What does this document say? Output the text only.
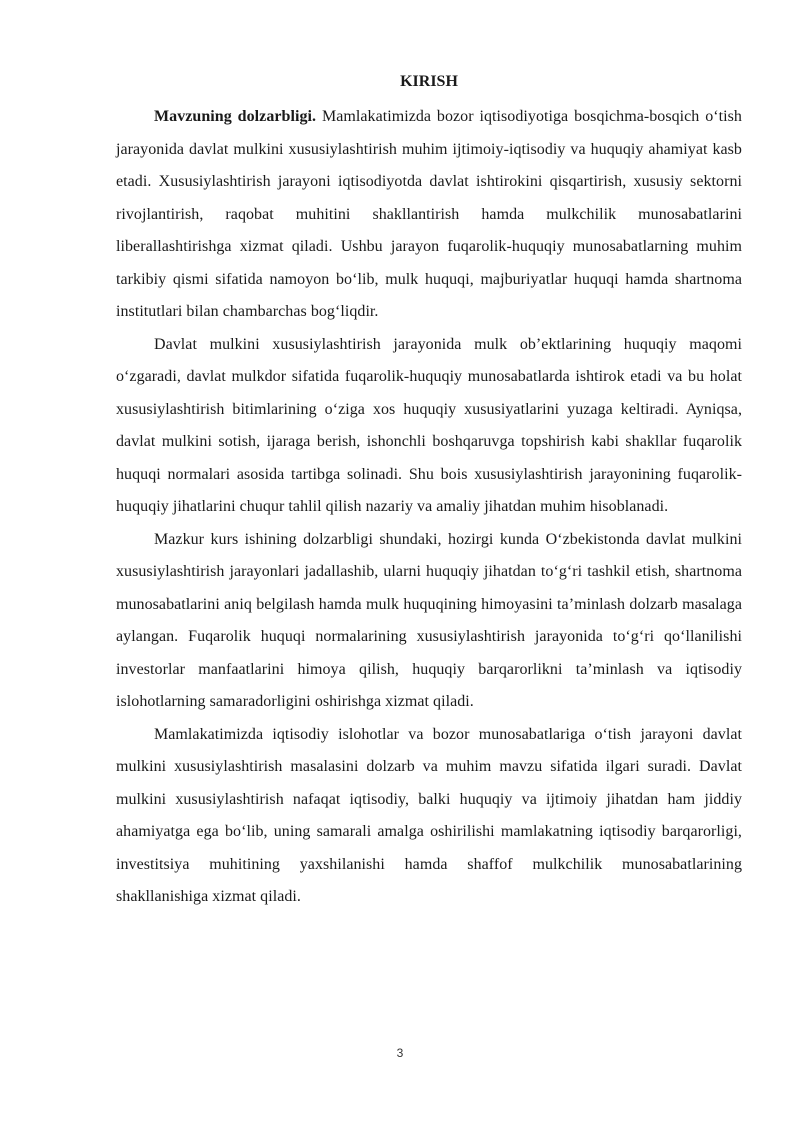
KIRISH

Mavzuning dolzarbligi. Mamlakatimizda bozor iqtisodiyotiga bosqichma-bosqich o‘tish jarayonida davlat mulkini xususiylashtirish muhim ijtimoiy-iqtisodiy va huquqiy ahamiyat kasb etadi. Xususiylashtirish jarayoni iqtisodiyotda davlat ishtirokini qisqartirish, xususiy sektorni rivojlantirish, raqobat muhitini shakllantirish hamda mulkchilik munosabatlarini liberallashtirishga xizmat qiladi. Ushbu jarayon fuqarolik-huquqiy munosabatlarning muhim tarkibiy qismi sifatida namoyon bo‘lib, mulk huquqi, majburiyatlar huquqi hamda shartnoma institutlari bilan chambarchas bog‘liqdir.

Davlat mulkini xususiylashtirish jarayonida mulk ob’ektlarining huquqiy maqomi o‘zgaradi, davlat mulkdor sifatida fuqarolik-huquqiy munosabatlarda ishtirok etadi va bu holat xususiylashtirish bitimlarining o‘ziga xos huquqiy xususiyatlarini yuzaga keltiradi. Ayniqsa, davlat mulkini sotish, ijaraga berish, ishonchli boshqaruvga topshirish kabi shakllar fuqarolik huquqi normalari asosida tartibga solinadi. Shu bois xususiylashtirish jarayonining fuqarolik-huquqiy jihatlarini chuqur tahlil qilish nazariy va amaliy jihatdan muhim hisoblanadi.

Mazkur kurs ishining dolzarbligi shundaki, hozirgi kunda O‘zbekistonda davlat mulkini xususiylashtirish jarayonlari jadallashib, ularni huquqiy jihatdan to‘g‘ri tashkil etish, shartnoma munosabatlarini aniq belgilash hamda mulk huquqining himoyasini ta’minlash dolzarb masalaga aylangan. Fuqarolik huquqi normalarining xususiylashtirish jarayonida to‘g‘ri qo‘llanilishi investorlar manfaatlarini himoya qilish, huquqiy barqarorlikni ta’minlash va iqtisodiy islohotlarning samaradorligini oshirishga xizmat qiladi.

Mamlakatimizda iqtisodiy islohotlar va bozor munosabatlariga o‘tish jarayoni davlat mulkini xususiylashtirish masalasini dolzarb va muhim mavzu sifatida ilgari suradi. Davlat mulkini xususiylashtirish nafaqat iqtisodiy, balki huquqiy va ijtimoiy jihatdan ham jiddiy ahamiyatga ega bo‘lib, uning samarali amalga oshirilishi mamlakatning iqtisodiy barqarorligi, investitsiya muhitining yaxshilanishi hamda shaffof mulkchilik munosabatlarining shakllanishiga xizmat qiladi.

3
